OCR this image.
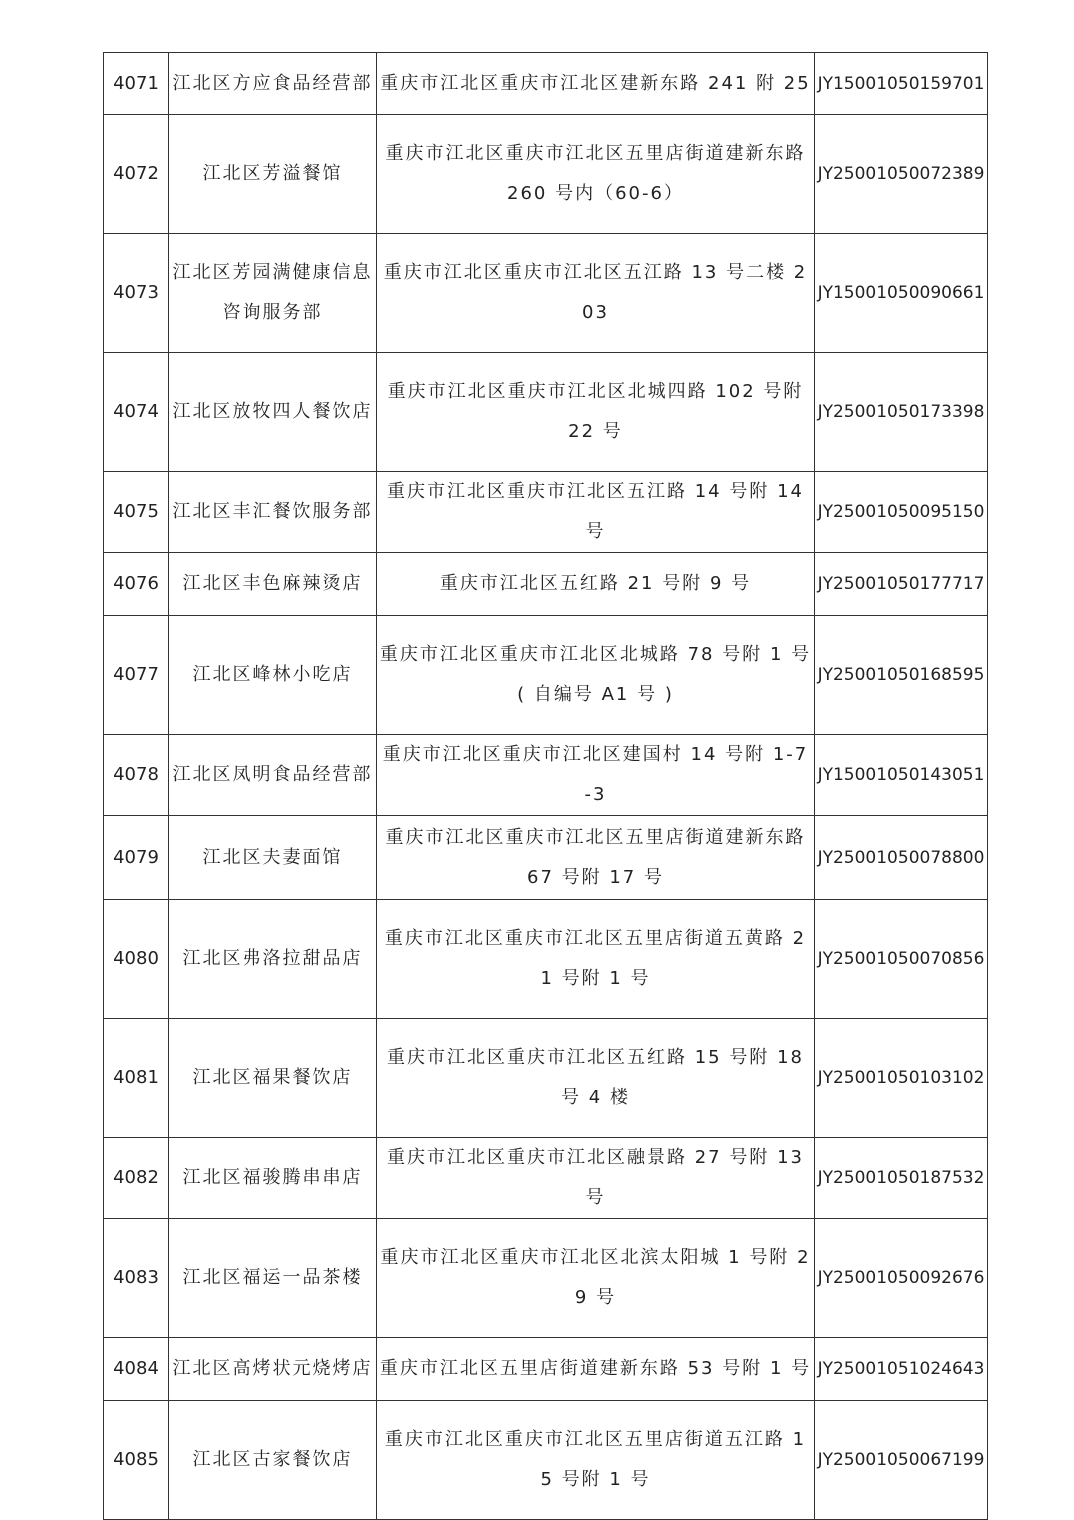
4071	江北区方应食品经营部	重庆市江北区重庆市江北区建新东路 241 附 25	JY15001050159701
4072	江北区芳溢餐馆	重庆市江北区重庆市江北区五里店街道建新东路 260 号内（60-6）	JY25001050072389
4073	江北区芳园满健康信息咨询服务部	重庆市江北区重庆市江北区五江路 13 号二楼 203	JY15001050090661
4074	江北区放牧四人餐饮店	重庆市江北区重庆市江北区北城四路 102 号附 22 号	JY25001050173398
4075	江北区丰汇餐饮服务部	重庆市江北区重庆市江北区五江路 14 号附 14 号	JY25001050095150
4076	江北区丰色麻辣烫店	重庆市江北区五红路 21 号附 9 号	JY25001050177717
4077	江北区峰林小吃店	重庆市江北区重庆市江北区北城路 78 号附 1 号( 自编号 A1 号 )	JY25001050168595
4078	江北区凤明食品经营部	重庆市江北区重庆市江北区建国村 14 号附 1-7-3	JY15001050143051
4079	江北区夫妻面馆	重庆市江北区重庆市江北区五里店街道建新东路 67 号附 17 号	JY25001050078800
4080	江北区弗洛拉甜品店	重庆市江北区重庆市江北区五里店街道五黄路 21 号附 1 号	JY25001050070856
4081	江北区福果餐饮店	重庆市江北区重庆市江北区五红路 15 号附 18 号 4 楼	JY25001050103102
4082	江北区福骏腾串串店	重庆市江北区重庆市江北区融景路 27 号附 13 号	JY25001050187532
4083	江北区福运一品茶楼	重庆市江北区重庆市江北区北滨太阳城 1 号附 29 号	JY25001050092676
4084	江北区高烤状元烧烤店	重庆市江北区五里店街道建新东路 53 号附 1 号	JY25001051024643
4085	江北区古家餐饮店	重庆市江北区重庆市江北区五里店街道五江路 15 号附 1 号	JY25001050067199
